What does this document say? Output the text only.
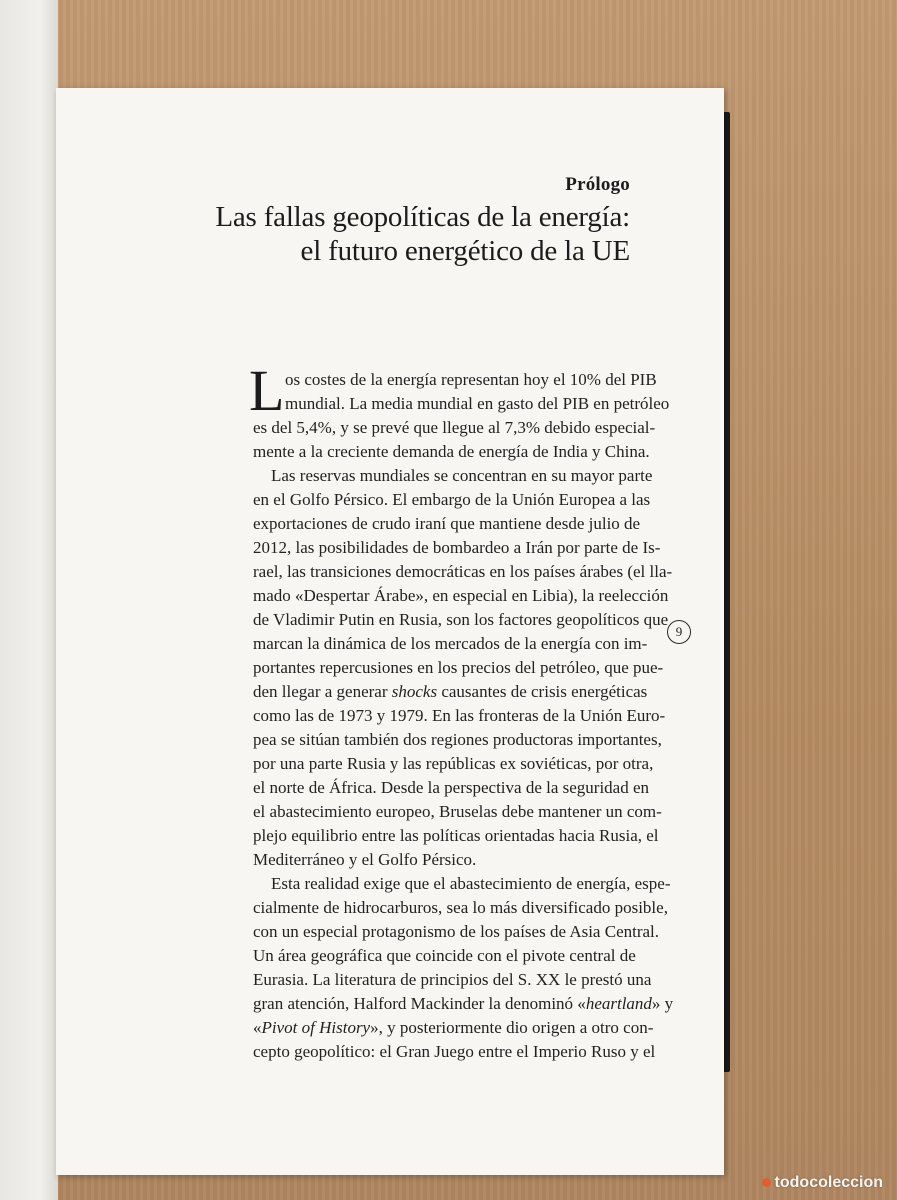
Prólogo
Las fallas geopolíticas de la energía:
el futuro energético de la UE
L os costes de la energía representan hoy el 10% del PIB
mundial. La media mundial en gasto del PIB en petróleo
es del 5,4%, y se prevé que llegue al 7,3% debido especial-
mente a la creciente demanda de energía de India y China.
Las reservas mundiales se concentran en su mayor parte
en el Golfo Pérsico. El embargo de la Unión Europea a las
exportaciones de crudo iraní que mantiene desde julio de
2012, las posibilidades de bombardeo a Irán por parte de Is-
rael, las transiciones democráticas en los países árabes (el lla-
mado «Despertar Árabe», en especial en Libia), la reelección
de Vladimir Putin en Rusia, son los factores geopolíticos que
marcan la dinámica de los mercados de la energía con im-
portantes repercusiones en los precios del petróleo, que pue-
den llegar a generar shocks causantes de crisis energéticas
como las de 1973 y 1979. En las fronteras de la Unión Euro-
pea se sitúan también dos regiones productoras importantes,
por una parte Rusia y las repúblicas ex soviéticas, por otra,
el norte de África. Desde la perspectiva de la seguridad en
el abastecimiento europeo, Bruselas debe mantener un com-
plejo equilibrio entre las políticas orientadas hacia Rusia, el
Mediterráneo y el Golfo Pérsico.
Esta realidad exige que el abastecimiento de energía, espe-
cialmente de hidrocarburos, sea lo más diversificado posible,
con un especial protagonismo de los países de Asia Central.
Un área geográfica que coincide con el pivote central de
Eurasia. La literatura de principios del S. XX le prestó una
gran atención, Halford Mackinder la denominó «heartland» y
«Pivot of History», y posteriormente dio origen a otro con-
cepto geopolítico: el Gran Juego entre el Imperio Ruso y el
9
todocoleccion
